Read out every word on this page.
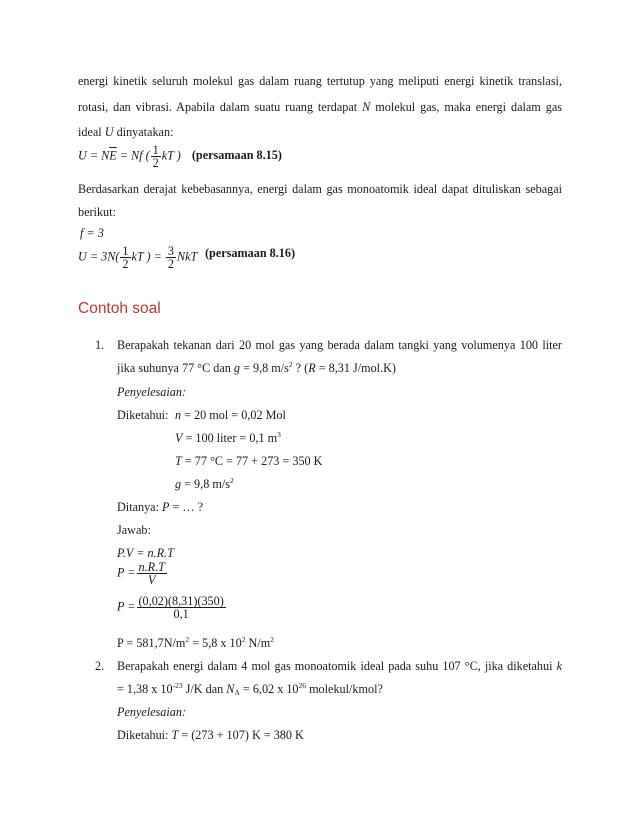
energi kinetik seluruh molekul gas dalam ruang tertutup yang meliputi energi kinetik translasi,
rotasi, dan vibrasi. Apabila dalam suatu ruang terdapat N molekul gas, maka energi dalam gas
ideal U dinyatakan:
$U = N\overline{E} = Nf$ ( $\frac{1}{2}$ kT ) (persamaan 8.15)
Berdasarkan derajat kebebasannya, energi dalam gas monoatomik ideal dapat dituliskan sebagai
berikut:
f = 3
$U = 3N( \frac{1}{2}$ kT ) = $\frac{3}{2}$ NkT (persamaan 8.16)
Contoh soal
1. Berapakah tekanan dari 20 mol gas yang berada dalam tangki yang volumenya 100 liter
jika suhunya 77 °C dan g = 9,8 $m/s^2$ ? (R = 8,31 J/mol.K)
Penyelesaian:
Diketahui: n = 20 mol = 0,02 Mol
V = 100 liter = 0,1 $m^3$
T = 77 °C = 77 + 273 = 350 K
g = 9,8 $m/s^2$
Ditanya: P = … ?
Jawab:
P.V = n.R.T
$P = \frac{n.R.T}{V}$
$P = \frac{(0,02)(8,31)(350)}{0,1}$
$P = 581,7N/m^2 = 5,8$ x $10^2$ $N/m^2$
2. Berapakah energi dalam 4 mol gas monoatomik ideal pada suhu 107 °C, jika diketahui k
= 1,38 x $10^{-23}$ J/K dan $N_A = 6,02$ x $10^{26}$ molekul/kmol?
Penyelesaian:
Diketahui: T = (273 + 107) K = 380 K
